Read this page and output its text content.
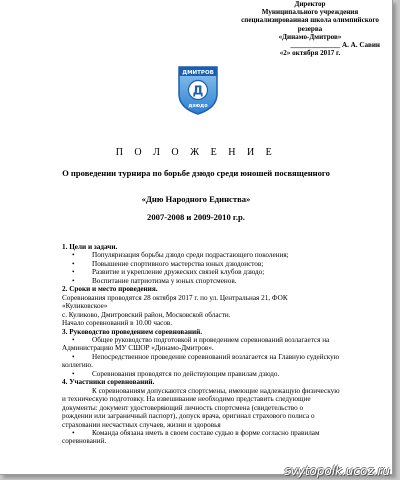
Директор
Муниципального учреждения
специализированная школа олимпийского
резерва
«Динамо-Дмитров»
______________ А. А. Савин
«2» октября 2017 г.
ДМИТРОВ
Д
дзюдо
П О Л О Ж Е Н И Е
О проведении турнира по борьбе дзюдо среди юношей посвященного
«Дню Народного Единства»
2007-2008 и 2009-2010 г.р.
1. Цели и задачи.
• Популяризация борьбы дзюдо среди подрастающего поколения;
• Повышение спортивного мастерства юных дзюдоистов;
• Развитие и укрепление дружеских связей клубов дзюдо;
• Воспитание патриотизма у юных спортсменов.
2. Сроки и место проведения.
Соревнования проводятся 28 октября 2017 г. по ул. Центральная 21, ФОК
«Куликовское»
с. Куликово, Дмитровский район, Московской области.
Начало соревнований в 10.00 часов.
3. Руководство проведением соревнований.
• Общее руководство подготовкой и проведением соревнований возлагается на
Администрацию МУ СШОР «Динамо-Дмитров».
• Непосредственное проведение соревнований возлагается на Главную судейскую
коллегию.
• Соревнования проводятся по действующим правилам дзюдо.
4. Участники соревнований.
К соревнованиям допускаются спортсмены, имеющие надлежащую физическую
и техническую подготовку. На взвешивание необходимо представить следующие
документы: документ удостоверяющий личность спортсмена (свидетельство о
рождении или заграничный паспорт), допуск врача, оригинал страхового полиса о
страховании несчастных случаев, жизни и здоровья
• Команда обязана иметь в своем составе судью в форме согласно правилам
соревнований.
svytopolk.ucoz.ru
